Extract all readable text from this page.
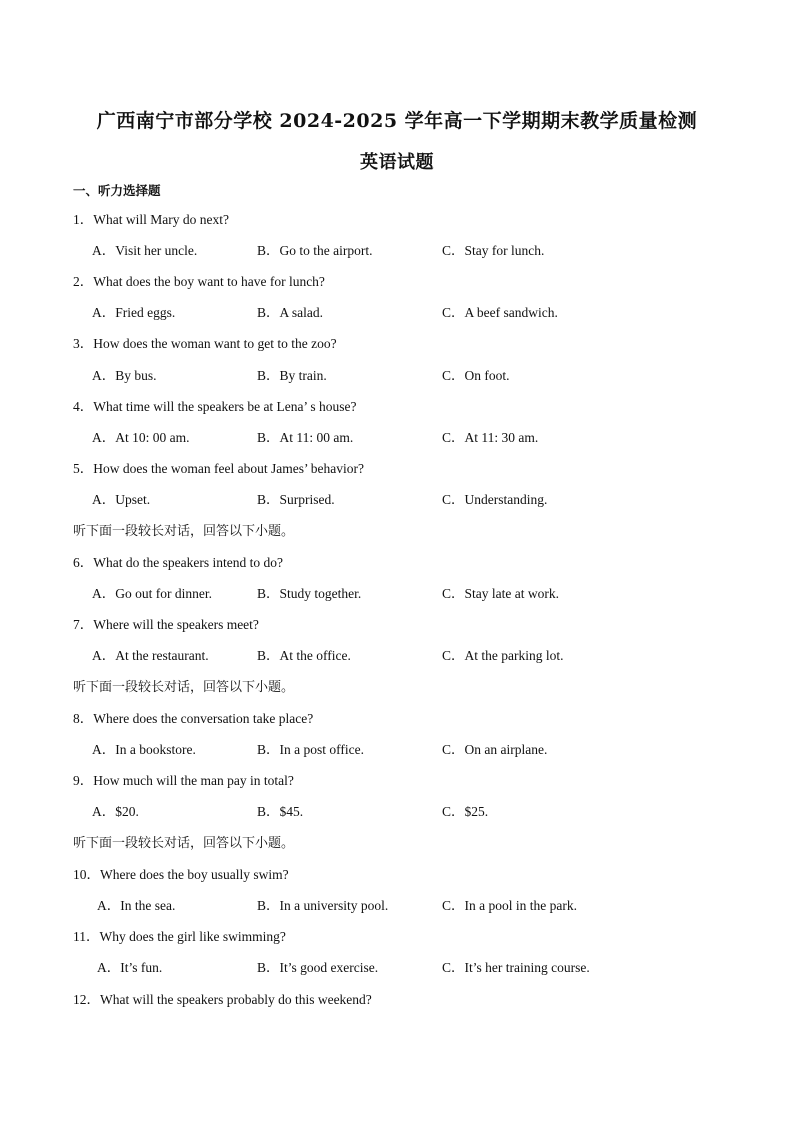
广西南宁市部分学校 2024-2025 学年高一下学期期末教学质量检测
英语试题
一、听力选择题
1．What will Mary do next?
A．Visit her uncle.	B．Go to the airport.	C．Stay for lunch.
2．What does the boy want to have for lunch?
A．Fried eggs.	B．A salad.	C．A beef sandwich.
3．How does the woman want to get to the zoo?
A．By bus.	B．By train.	C．On foot.
4．What time will the speakers be at Lena’ s house?
A．At 10: 00 am.	B．At 11: 00 am.	C．At 11: 30 am.
5．How does the woman feel about James’ behavior?
A．Upset.	B．Surprised.	C．Understanding.
听下面一段较长对话，回答以下小题。
6．What do the speakers intend to do?
A．Go out for dinner.	B．Study together.	C．Stay late at work.
7．Where will the speakers meet?
A．At the restaurant.	B．At the office.	C．At the parking lot.
听下面一段较长对话，回答以下小题。
8．Where does the conversation take place?
A．In a bookstore.	B．In a post office.	C．On an airplane.
9．How much will the man pay in total?
A．$20.	B．$45.	C．$25.
听下面一段较长对话，回答以下小题。
10．Where does the boy usually swim?
A．In the sea.	B．In a university pool.	C．In a pool in the park.
11．Why does the girl like swimming?
A．It’s fun.	B．It’s good exercise.	C．It’s her training course.
12．What will the speakers probably do this weekend?
